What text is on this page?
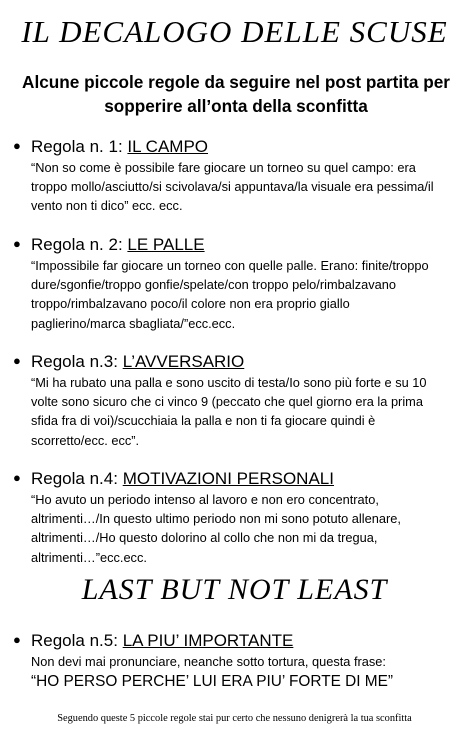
IL DECALOGO DELLE SCUSE
Alcune piccole regole da seguire nel post partita per
sopperire all’onta della sconfitta
● Regola n. 1: IL CAMPO
“Non so come è possibile fare giocare un torneo su quel campo: era
troppo mollo/asciutto/si scivolava/si appuntava/la visuale era pessima/il
vento non ti dico” ecc. ecc.
● Regola n. 2: LE PALLE
“Impossibile far giocare un torneo con quelle palle. Erano: finite/troppo
dure/sgonfie/troppo gonfie/spelate/con troppo pelo/rimbalzavano
troppo/rimbalzavano poco/il colore non era proprio giallo
paglierino/marca sbagliata/”ecc.ecc.
● Regola n.3: L’AVVERSARIO
“Mi ha rubato una palla e sono uscito di testa/Io sono più forte e su 10
volte sono sicuro che ci vinco 9 (peccato che quel giorno era la prima
sfida fra di voi)/scucchiaia la palla e non ti fa giocare quindi è
scorretto/ecc. ecc”.
● Regola n.4: MOTIVAZIONI PERSONALI
“Ho avuto un periodo intenso al lavoro e non ero concentrato,
altrimenti…/In questo ultimo periodo non mi sono potuto allenare,
altrimenti…/Ho questo dolorino al collo che non mi da tregua,
altrimenti…”ecc.ecc.
LAST BUT NOT LEAST
● Regola n.5: LA PIU’ IMPORTANTE
Non devi mai pronunciare, neanche sotto tortura, questa frase:
“HO PERSO PERCHE’ LUI ERA PIU’ FORTE DI ME”
Seguendo queste 5 piccole regole stai pur certo che nessuno denigrerà la tua sconfitta
